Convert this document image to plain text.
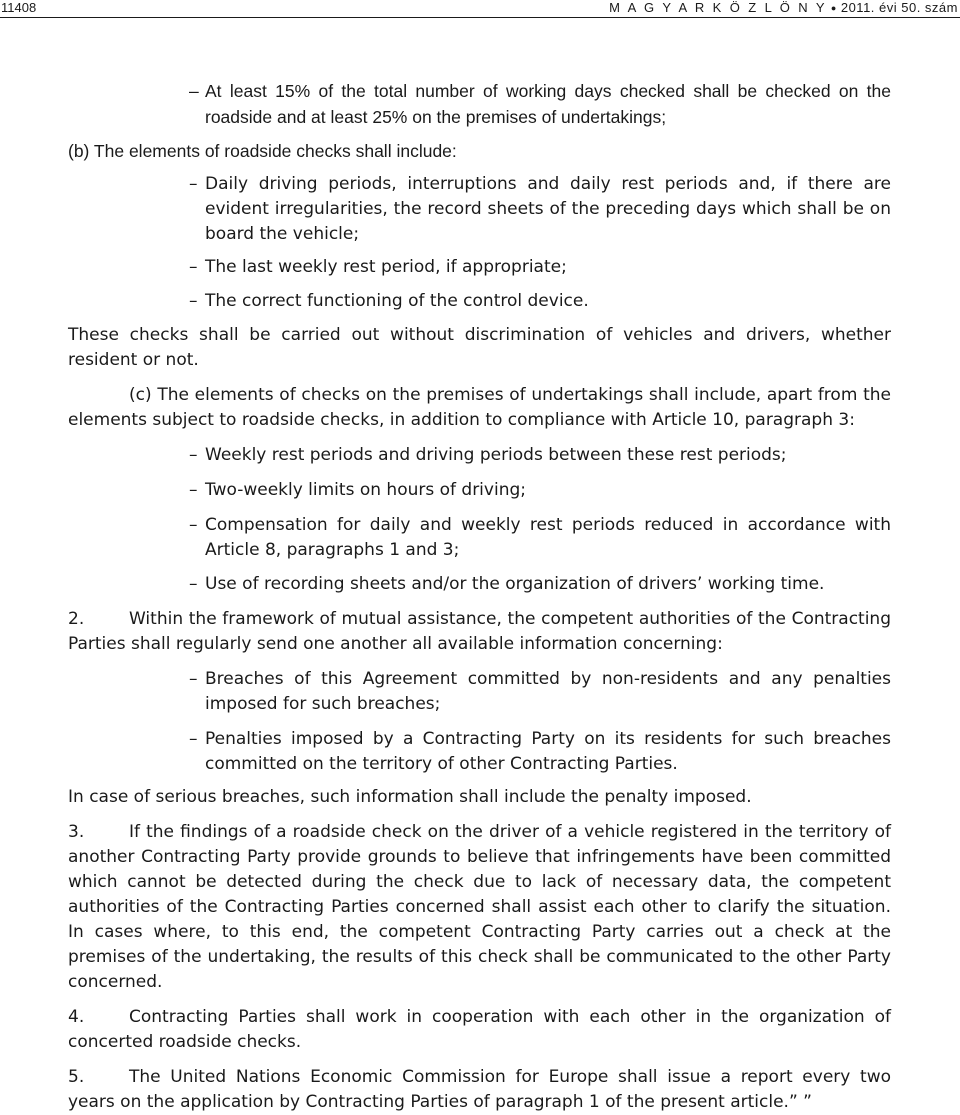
11408	M A G Y A R K Ö Z L Ö N Y ● 2011. évi 50. szám

– At least 15% of the total number of working days checked shall be checked on the roadside and at least 25% on the premises of undertakings;

(b) The elements of roadside checks shall include:

– Daily driving periods, interruptions and daily rest periods and, if there are evident irregularities, the record sheets of the preceding days which shall be on board the vehicle;

– The last weekly rest period, if appropriate;

– The correct functioning of the control device.

These checks shall be carried out without discrimination of vehicles and drivers, whether resident or not.

(c) The elements of checks on the premises of undertakings shall include, apart from the elements subject to roadside checks, in addition to compliance with Article 10, paragraph 3:

– Weekly rest periods and driving periods between these rest periods;

– Two-weekly limits on hours of driving;

– Compensation for daily and weekly rest periods reduced in accordance with Article 8, paragraphs 1 and 3;

– Use of recording sheets and/or the organization of drivers’ working time.

2.	Within the framework of mutual assistance, the competent authorities of the Contracting Parties shall regularly send one another all available information concerning:

– Breaches of this Agreement committed by non-residents and any penalties imposed for such breaches;

– Penalties imposed by a Contracting Party on its residents for such breaches committed on the territory of other Contracting Parties.

In case of serious breaches, such information shall include the penalty imposed.

3.	If the findings of a roadside check on the driver of a vehicle registered in the territory of another Contracting Party provide grounds to believe that infringements have been committed which cannot be detected during the check due to lack of necessary data, the competent authorities of the Contracting Parties concerned shall assist each other to clarify the situation. In cases where, to this end, the competent Contracting Party carries out a check at the premises of the undertaking, the results of this check shall be communicated to the other Party concerned.

4.	Contracting Parties shall work in cooperation with each other in the organization of concerted roadside checks.

5.	The United Nations Economic Commission for Europe shall issue a report every two years on the application by Contracting Parties of paragraph 1 of the present article.” ”
